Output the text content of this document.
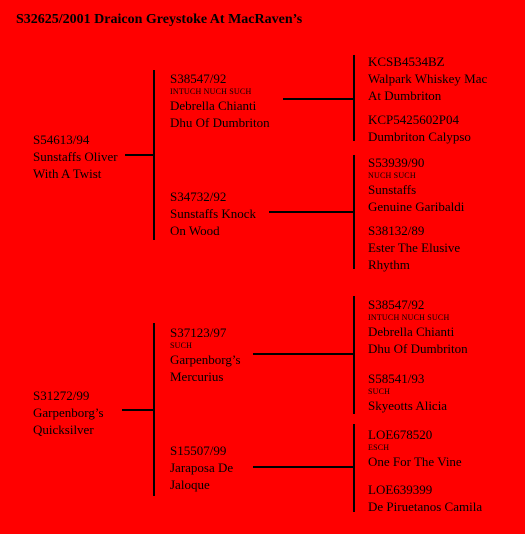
S32625/2001 Draicon Greystoke At MacRaven’s
S54613/94
Sunstaffs Oliver
With A Twist
S31272/99
Garpenborg’s
Quicksilver
S38547/92
INTUCH NUCH SUCH
Debrella Chianti
Dhu Of Dumbriton
S34732/92
Sunstaffs Knock
On Wood
S37123/97
SUCH
Garpenborg’s
Mercurius
S15507/99
Jaraposa De
Jaloque
KCSB4534BZ
Walpark Whiskey Mac
At Dumbriton
KCP5425602P04
Dumbriton Calypso
S53939/90
NUCH SUCH
Sunstaffs
Genuine Garibaldi
S38132/89
Ester The Elusive
Rhythm
S38547/92
INTUCH NUCH SUCH
Debrella Chianti
Dhu Of Dumbriton
S58541/93
SUCH
Skyeotts Alicia
LOE678520
ESCH
One For The Vine
LOE639399
De Piruetanos Camila
